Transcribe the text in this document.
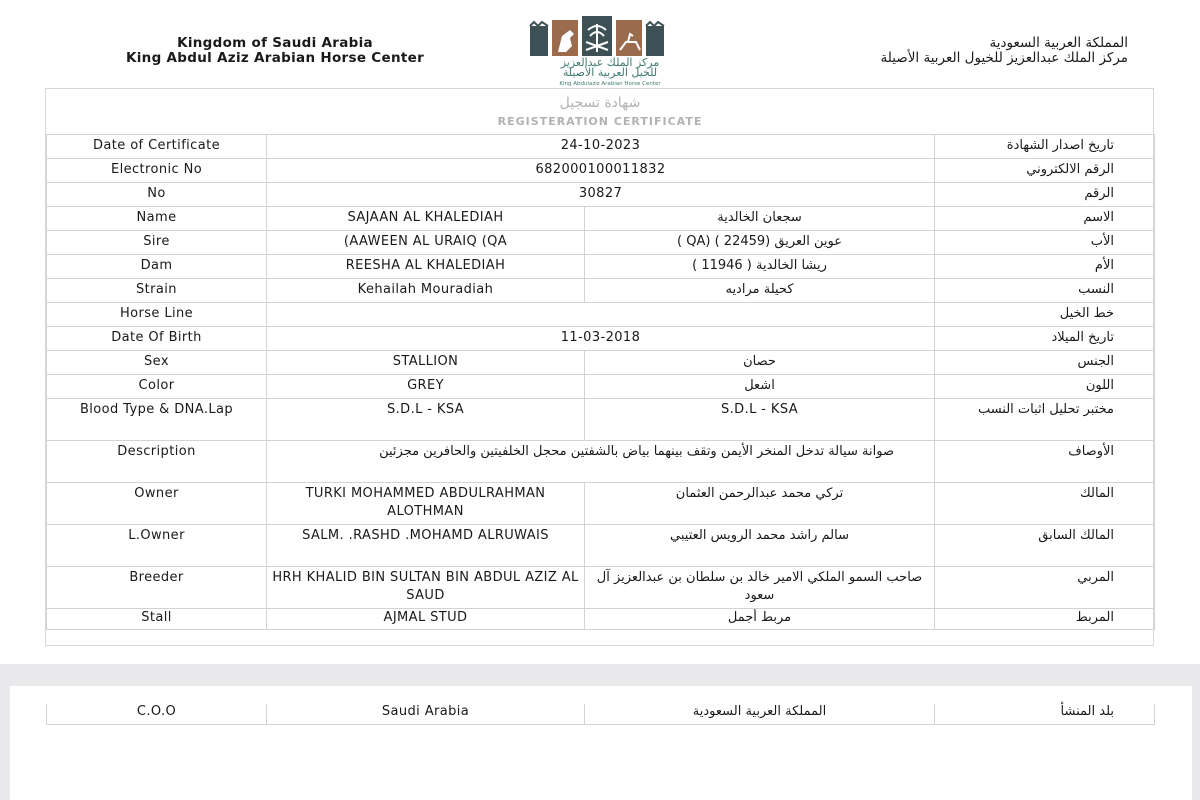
Kingdom of Saudi Arabia
King Abdul Aziz Arabian Horse Center	مركز الملك عبدالعزيز
للخيل العربية الأصيلة
King Abdulaziz Arabian Horse Center
المملكة العربية السعودية
مركز الملك عبدالعزيز للخيول العربية الأصيلة
شهادة تسجيل
REGISTERATION CERTIFICATE
Date of Certificate	24-10-2023		تاريخ اصدار الشهادة
Electronic No	682000100011832		الرقم الالكتروني
No	30827		الرقم
Name	SAJAAN AL KHALEDIAH	سجعان الخالدية	الاسم
Sire	(AAWEEN AL URAIQ (QA	عوين العريق (22459 ) (QA )	الأب
Dam	REESHA AL KHALEDIAH	ريشا الخالدية ( 11946 )	الأم
Strain	Kehailah Mouradiah	كحيلة مراديه	النسب
Horse Line			خط الخيل
Date Of Birth	11-03-2018		تاريخ الميلاد
Sex	STALLION	حصان	الجنس
Color	GREY	اشعل	اللون
Blood Type & DNA.Lap	S.D.L - KSA	S.D.L - KSA	مختبر تحليل اثبات النسب
Description	صوانة سيالة تدخل المنخر الأيمن وتقف بينهما بياض بالشفتين محجل الخلفيتين والحافرين مجزئين		الأوصاف
Owner	TURKI MOHAMMED ABDULRAHMAN ALOTHMAN	تركي محمد عبدالرحمن العثمان	المالك
L.Owner	SALM. .RASHD .MOHAMD ALRUWAIS	سالم راشد محمد الرويس العتيبي	المالك السابق
Breeder	HRH KHALID BIN SULTAN BIN ABDUL AZIZ AL SAUD	صاحب السمو الملكي الامير خالد بن سلطان بن عبدالعزيز آل سعود	المربي
Stall	AJMAL STUD	مربط أجمل	المربط
C.O.O	Saudi Arabia	المملكة العربية السعودية	بلد المنشأ
